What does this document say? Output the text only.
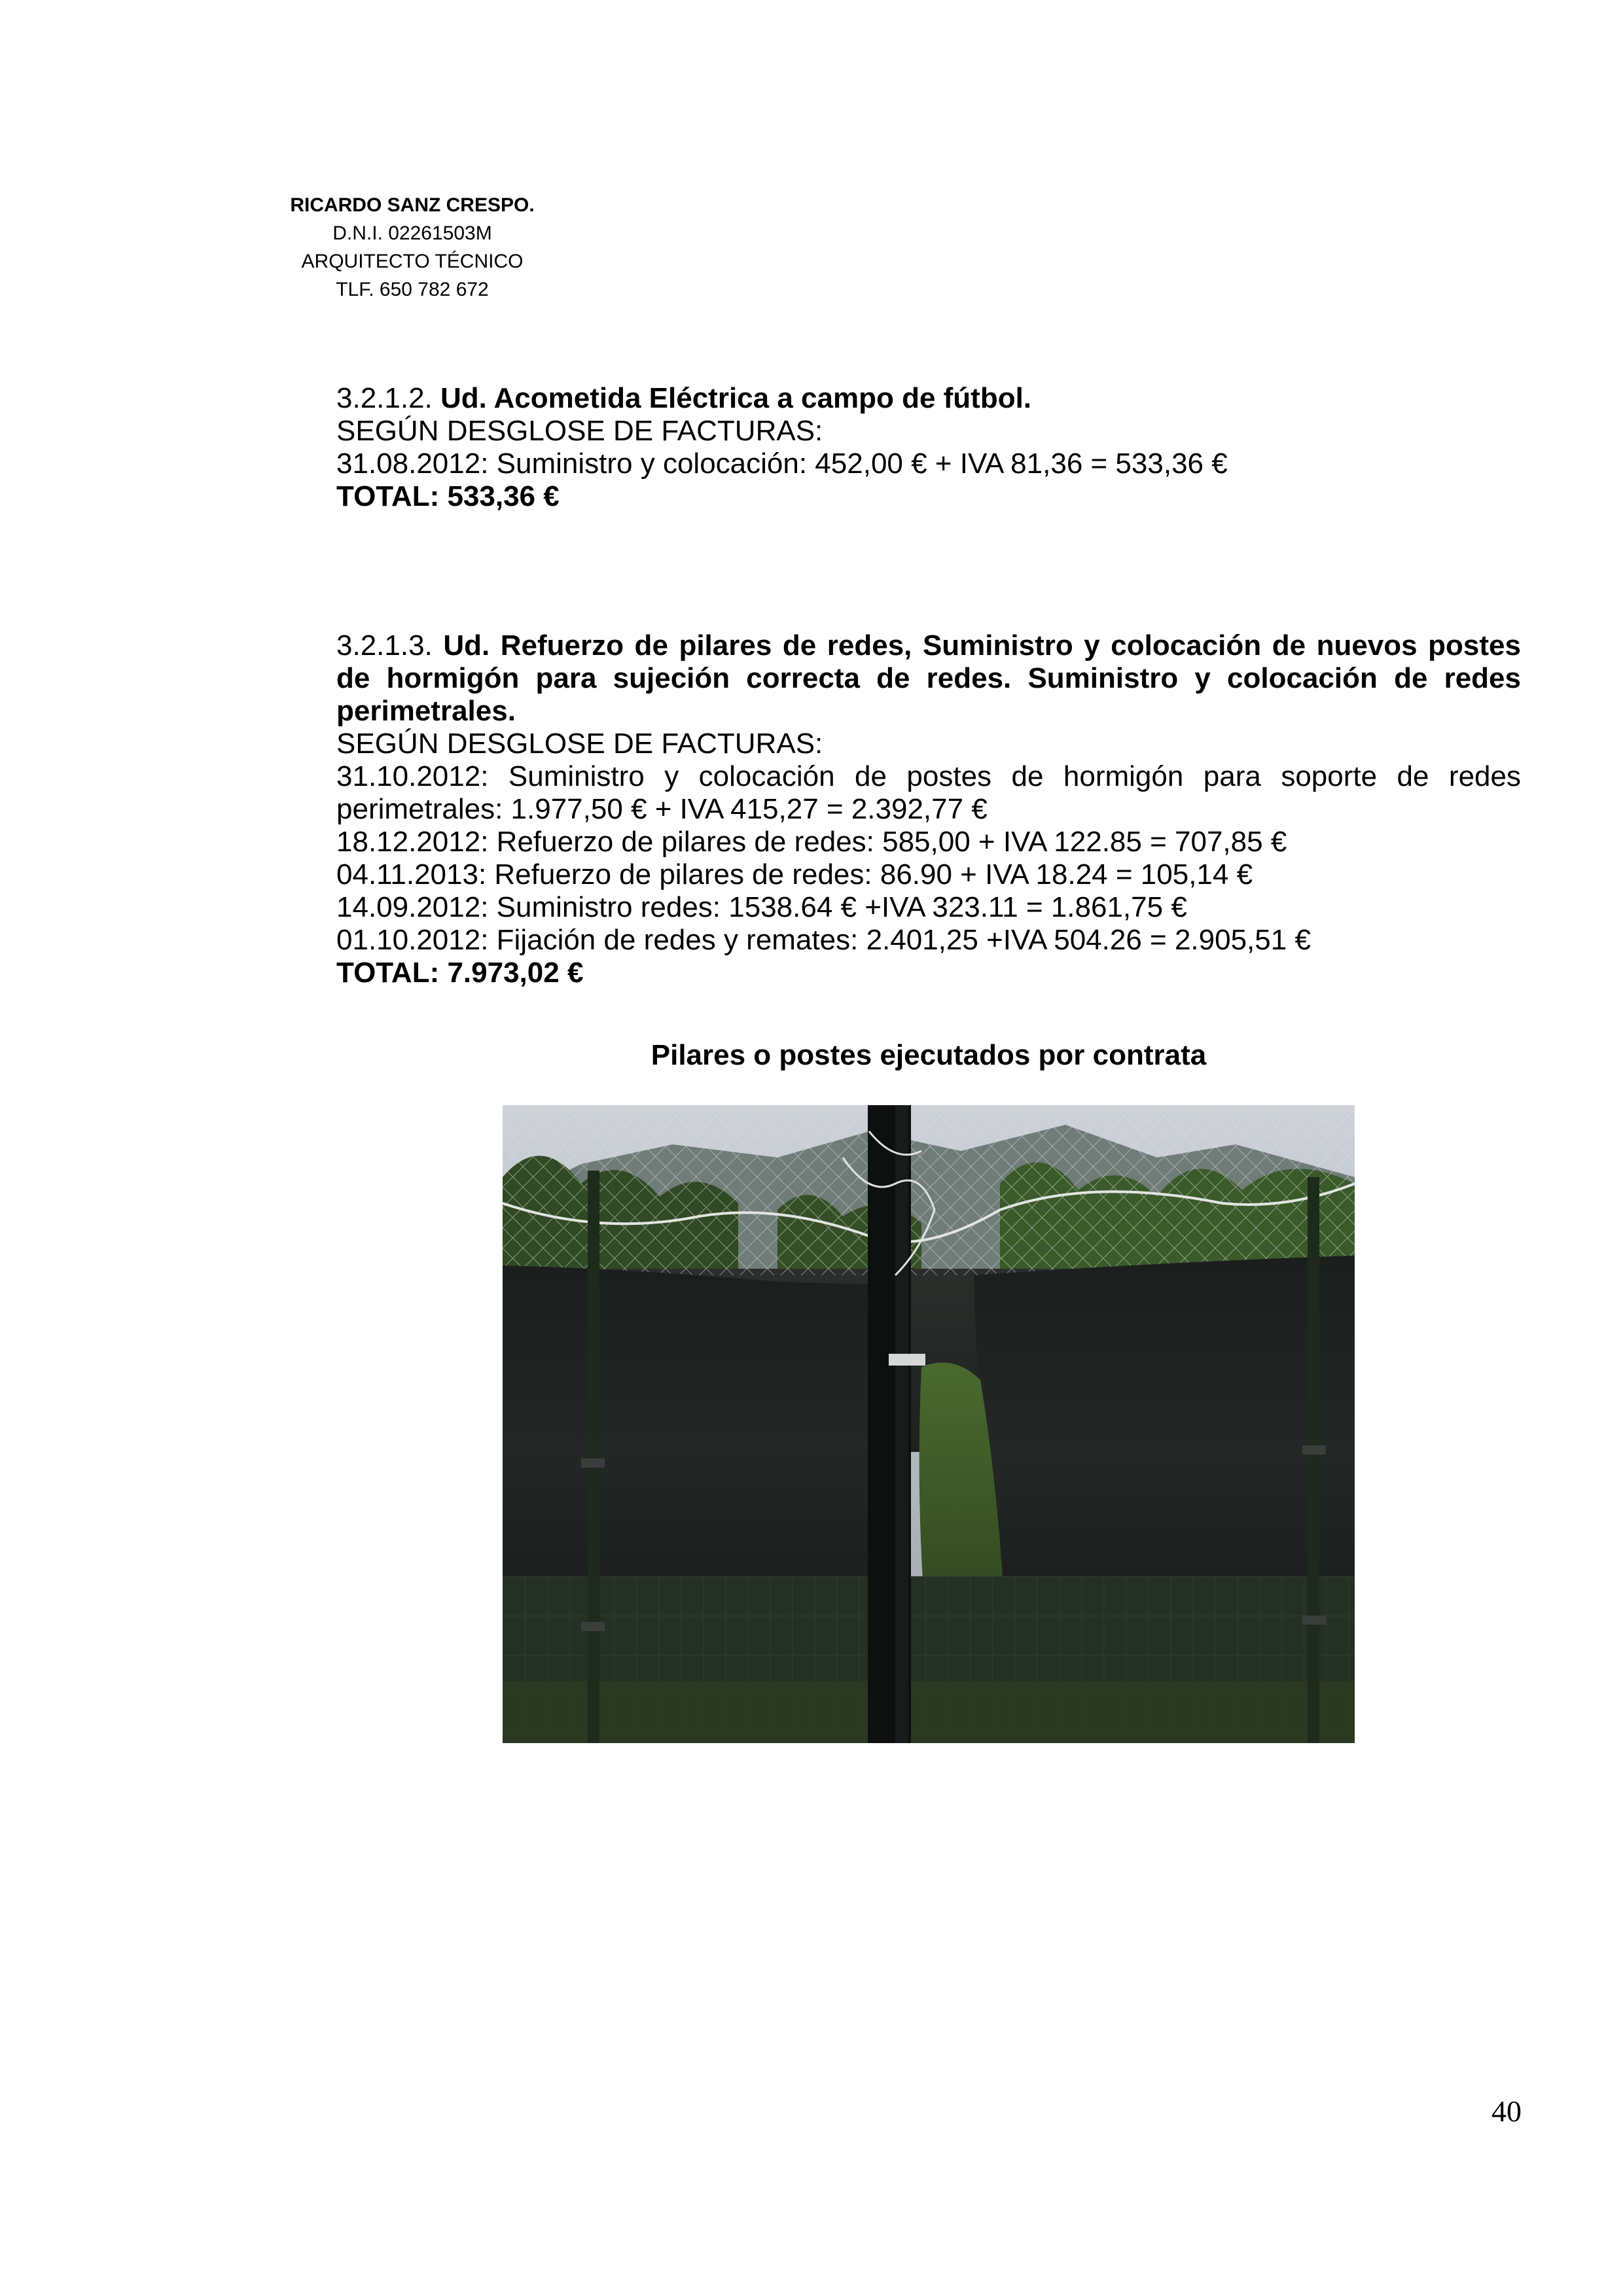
RICARDO SANZ CRESPO.
D.N.I. 02261503M
ARQUITECTO TÉCNICO
TLF. 650 782 672

3.2.1.2. Ud. Acometida Eléctrica a campo de fútbol.

SEGÚN DESGLOSE DE FACTURAS:

31.08.2012: Suministro y colocación: 452,00 € + IVA 81,36 = 533,36 €

TOTAL: 533,36 €

3.2.1.3. Ud. Refuerzo de pilares de redes, Suministro y colocación de nuevos postes de hormigón para sujeción correcta de redes. Suministro y colocación de redes perimetrales.

SEGÚN DESGLOSE DE FACTURAS:

31.10.2012: Suministro y colocación de postes de hormigón para soporte de redes perimetrales: 1.977,50 € + IVA 415,27 = 2.392,77 €

18.12.2012: Refuerzo de pilares de redes: 585,00 + IVA 122.85 = 707,85 €

04.11.2013: Refuerzo de pilares de redes: 86.90 + IVA 18.24 = 105,14 €

14.09.2012: Suministro redes: 1538.64 € +IVA 323.11 = 1.861,75 €

01.10.2012: Fijación de redes y remates: 2.401,25 +IVA 504.26 = 2.905,51 €

TOTAL: 7.973,02 €

Pilares o postes ejecutados por contrata
40
